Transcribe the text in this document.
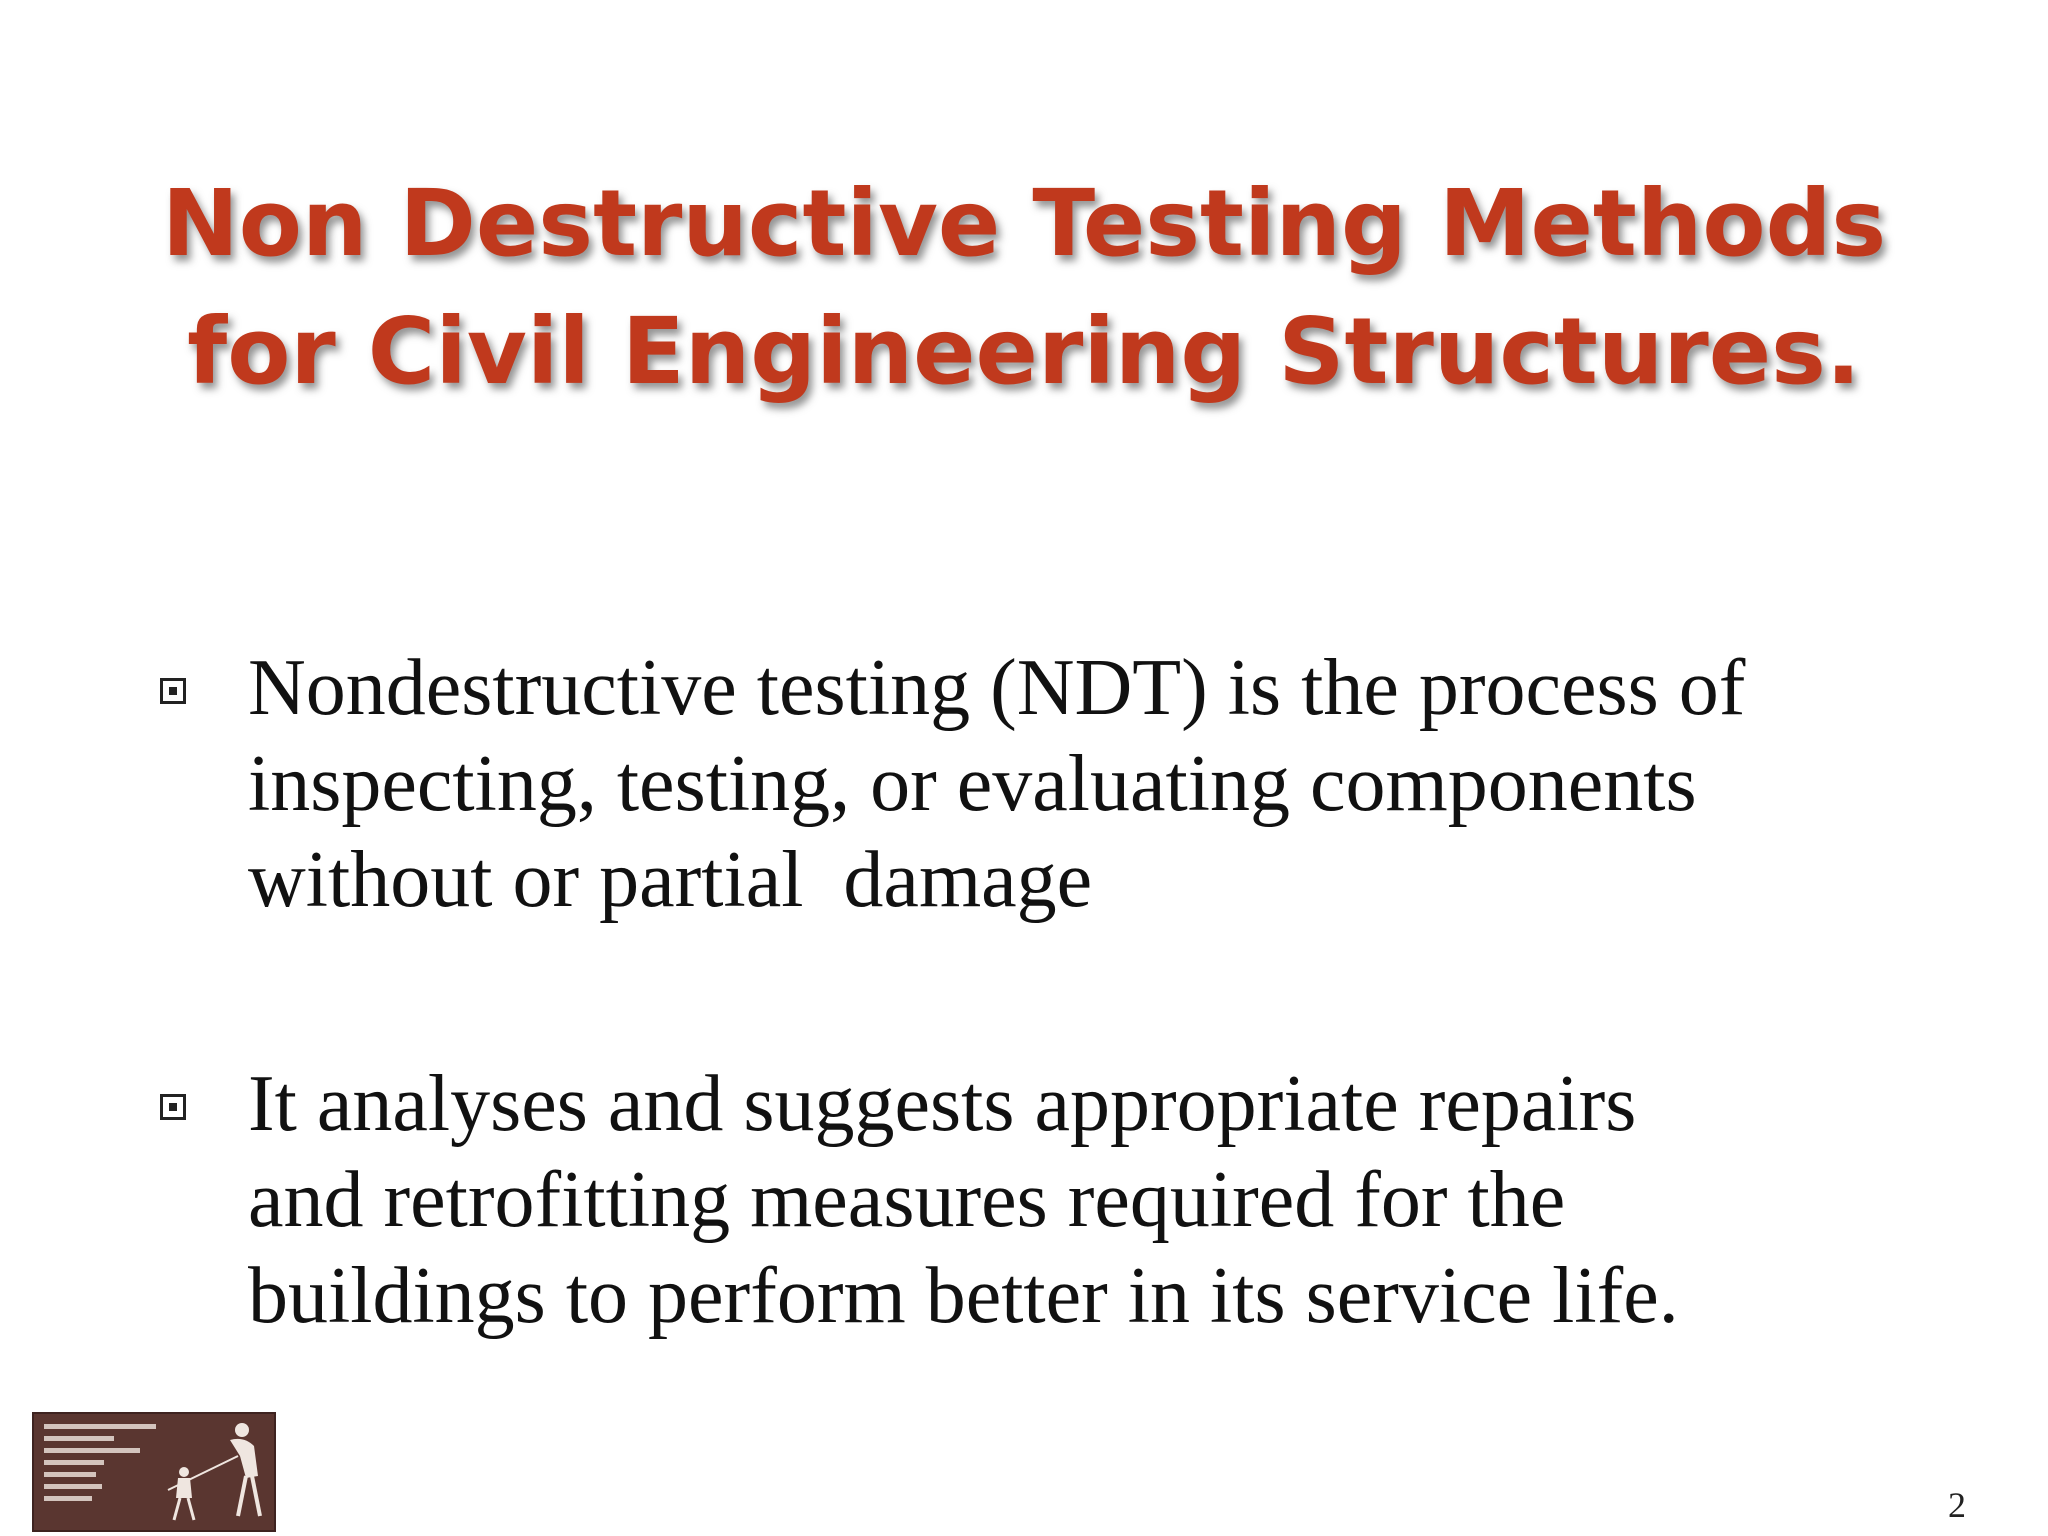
Non Destructive Testing Methods
for Civil Engineering Structures.
Nondestructive testing (NDT) is the process of
inspecting, testing, or evaluating components
without or partial  damage
It analyses and suggests appropriate repairs
and retrofitting measures required for the
buildings to perform better in its service life.
2
